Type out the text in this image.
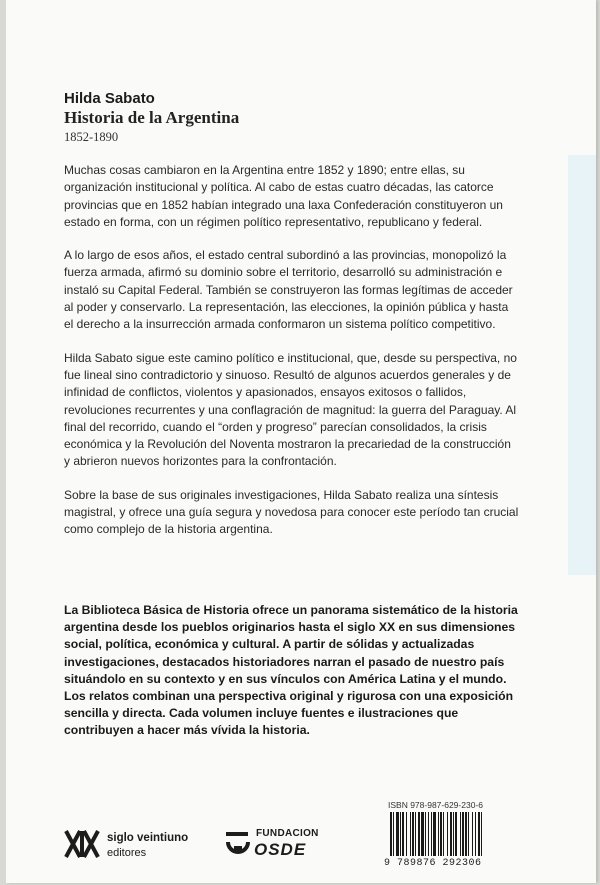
Hilda Sabato
Historia de la Argentina
1852-1890

Muchas cosas cambiaron en la Argentina entre 1852 y 1890; entre ellas, su organización institucional y política. Al cabo de estas cuatro décadas, las catorce provincias que en 1852 habían integrado una laxa Confederación constituyeron un estado en forma, con un régimen político representativo, republicano y federal.

A lo largo de esos años, el estado central subordinó a las provincias, monopolizó la fuerza armada, afirmó su dominio sobre el territorio, desarrolló su administración e instaló su Capital Federal. También se construyeron las formas legítimas de acceder al poder y conservarlo. La representación, las elecciones, la opinión pública y hasta el derecho a la insurrección armada conformaron un sistema político competitivo.

Hilda Sabato sigue este camino político e institucional, que, desde su perspectiva, no fue lineal sino contradictorio y sinuoso. Resultó de algunos acuerdos generales y de infinidad de conflictos, violentos y apasionados, ensayos exitosos o fallidos, revoluciones recurrentes y una conflagración de magnitud: la guerra del Paraguay. Al final del recorrido, cuando el “orden y progreso” parecían consolidados, la crisis económica y la Revolución del Noventa mostraron la precariedad de la construcción y abrieron nuevos horizontes para la confrontación.

Sobre la base de sus originales investigaciones, Hilda Sabato realiza una síntesis magistral, y ofrece una guía segura y novedosa para conocer este período tan crucial como complejo de la historia argentina.

La Biblioteca Básica de Historia ofrece un panorama sistemático de la historia argentina desde los pueblos originarios hasta el siglo XX en sus dimensiones social, política, económica y cultural. A partir de sólidas y actualizadas investigaciones, destacados historiadores narran el pasado de nuestro país situándolo en su contexto y en sus vínculos con América Latina y el mundo. Los relatos combinan una perspectiva original y rigurosa con una exposición sencilla y directa. Cada volumen incluye fuentes e ilustraciones que contribuyen a hacer más vívida la historia.

siglo veintiuno
editores
FUNDACION
OSDE
ISBN 978-987-629-230-6
9 789876 292306
